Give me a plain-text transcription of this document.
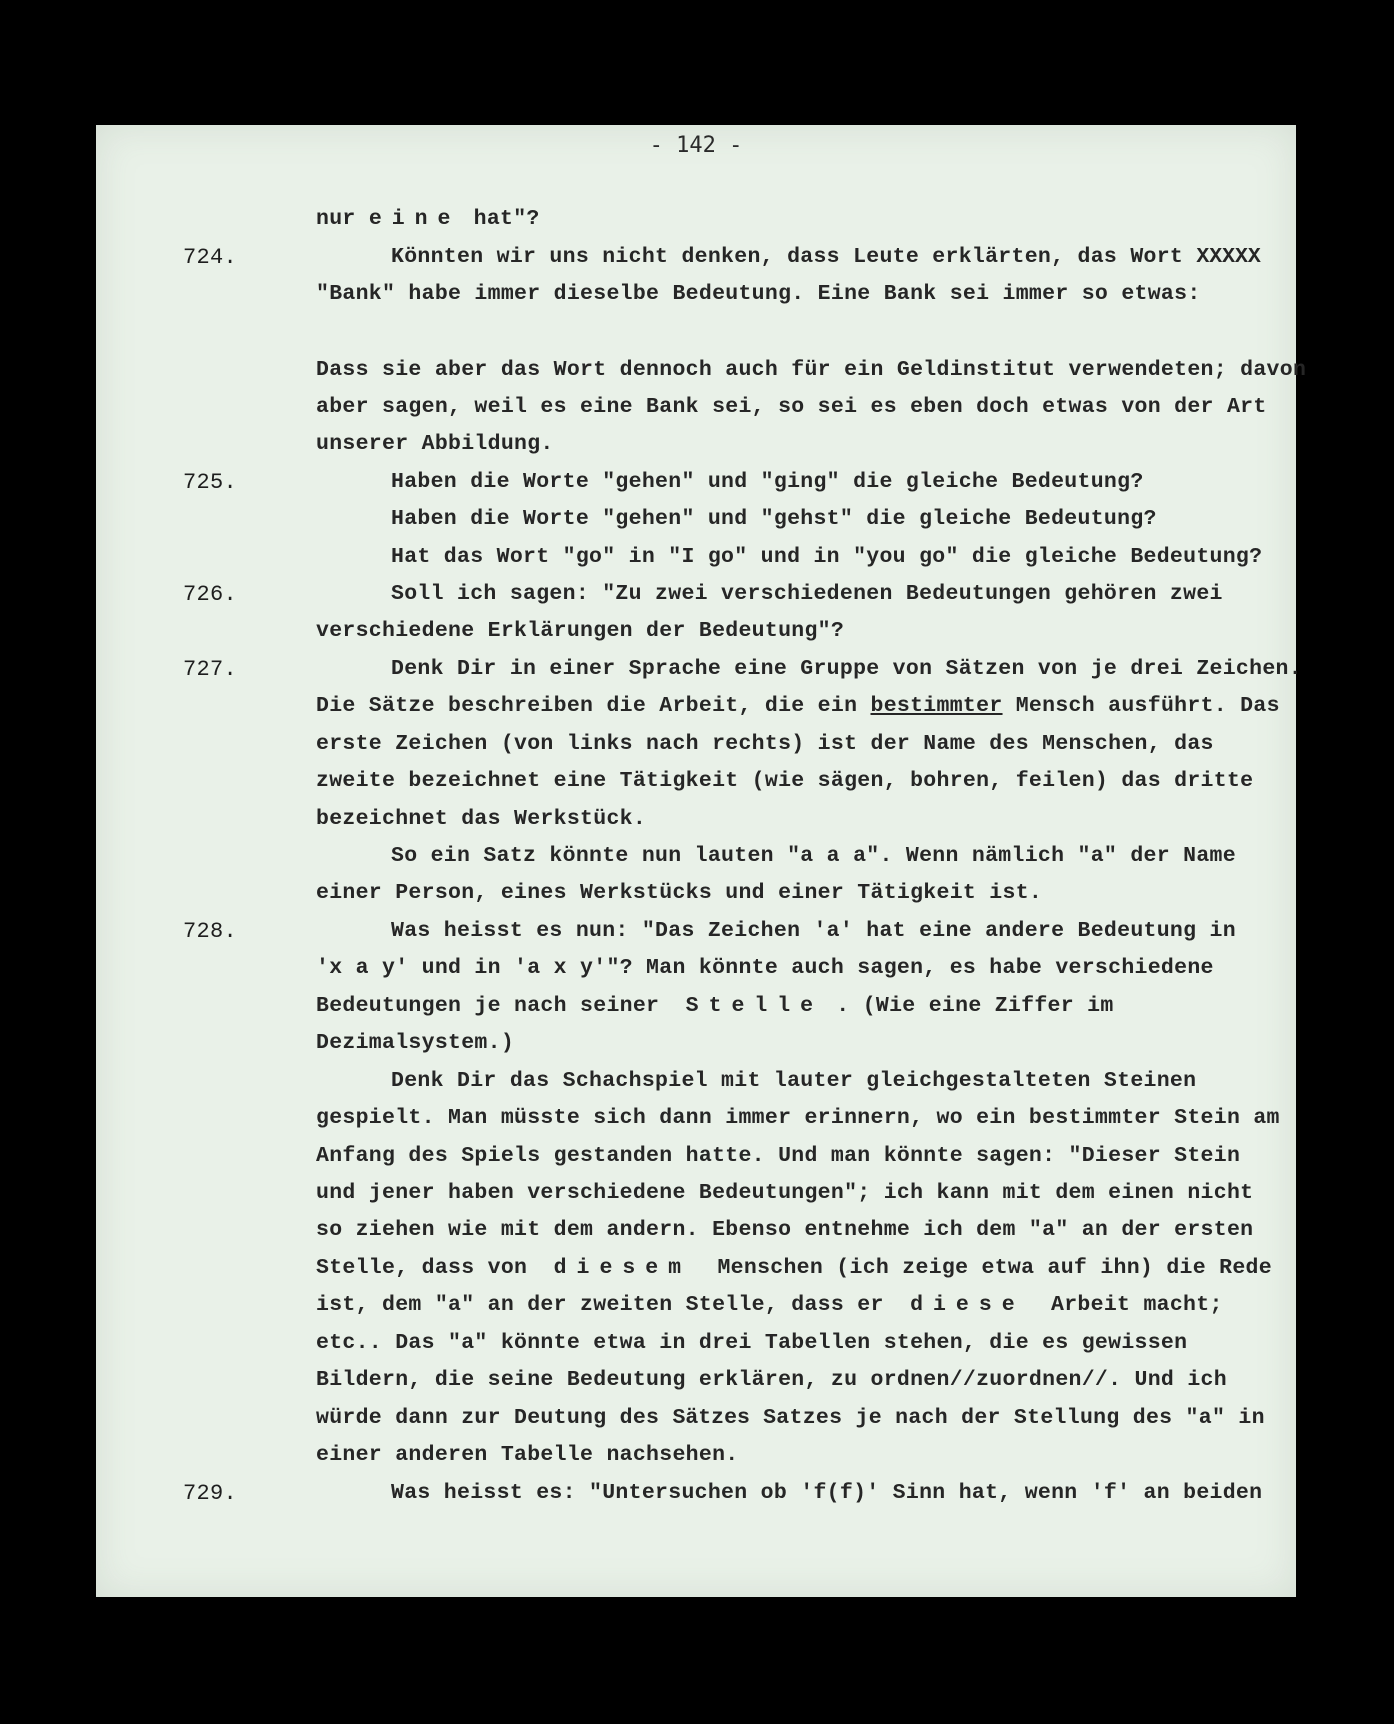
- 142 -
nur eine hat"?
724.	Könnten wir uns nicht denken, dass Leute erklärten, das Wort XXXXX
"Bank" habe immer dieselbe Bedeutung. Eine Bank sei immer so etwas:
Dass sie aber das Wort dennoch auch für ein Geldinstitut verwendeten; davon
aber sagen, weil es eine Bank sei, so sei es eben doch etwas von der Art
unserer Abbildung.
725.	Haben die Worte "gehen" und "ging" die gleiche Bedeutung?
Haben die Worte "gehen" und "gehst" die gleiche Bedeutung?
Hat das Wort "go" in "I go" und in "you go" die gleiche Bedeutung?
726.	Soll ich sagen: "Zu zwei verschiedenen Bedeutungen gehören zwei
verschiedene Erklärungen der Bedeutung"?
727.	Denk Dir in einer Sprache eine Gruppe von Sätzen von je drei Zeichen.
Die Sätze beschreiben die Arbeit, die ein bestimmter Mensch ausführt. Das
erste Zeichen (von links nach rechts) ist der Name des Menschen, das
zweite bezeichnet eine Tätigkeit (wie sägen, bohren, feilen) das dritte
bezeichnet das Werkstück.
So ein Satz könnte nun lauten "a a a". Wenn nämlich "a" der Name
einer Person, eines Werkstücks und einer Tätigkeit ist.
728.	Was heisst es nun: "Das Zeichen 'a' hat eine andere Bedeutung in
'x a y' und in 'a x y'"? Man könnte auch sagen, es habe verschiedene
Bedeutungen je nach seiner  Stelle . (Wie eine Ziffer im
Dezimalsystem.)
Denk Dir das Schachspiel mit lauter gleichgestalteten Steinen
gespielt. Man müsste sich dann immer erinnern, wo ein bestimmter Stein am
Anfang des Spiels gestanden hatte. Und man könnte sagen: "Dieser Stein
und jener haben verschiedene Bedeutungen"; ich kann mit dem einen nicht
so ziehen wie mit dem andern. Ebenso entnehme ich dem "a" an der ersten
Stelle, dass von  diesem  Menschen (ich zeige etwa auf ihn) die Rede
ist, dem "a" an der zweiten Stelle, dass er  diese  Arbeit macht;
etc.. Das "a" könnte etwa in drei Tabellen stehen, die es gewissen
Bildern, die seine Bedeutung erklären, zu ordnen//zuordnen//. Und ich
würde dann zur Deutung des Sätzes Satzes je nach der Stellung des "a" in
einer anderen Tabelle nachsehen.
729.	Was heisst es: "Untersuchen ob 'f(f)' Sinn hat, wenn 'f' an beiden
